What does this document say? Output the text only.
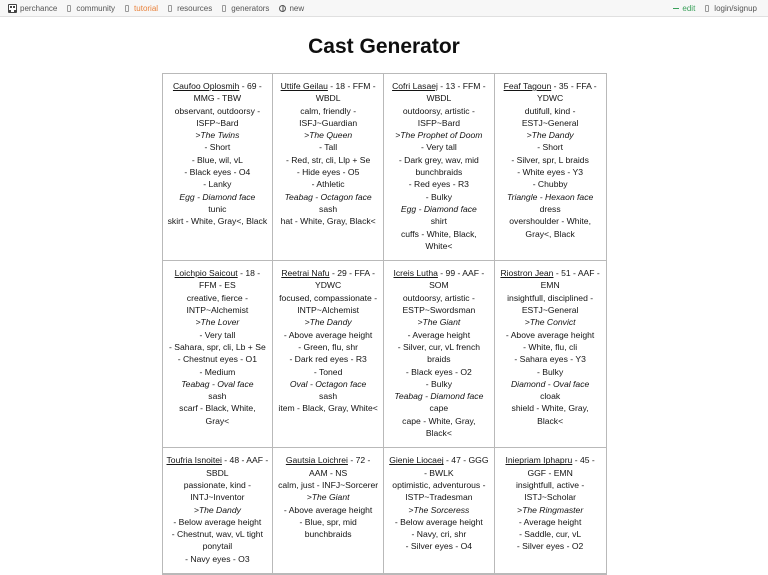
perchance community tutorial resources generators	new	edit login/signup
Cast Generator
Caufoo Oplosmih - 69 - MMG - TBW
observant, outdoorsy - ISFP~Bard
>The Twins
- Short
- Blue, wil, vL
- Black eyes - O4
- Lanky
Egg - Diamond face
tunic
skirt - White, Gray<, Black
Uttife Geilau - 18 - FFM - WBDL
calm, friendly - ISFJ~Guardian
>The Queen
- Tall
- Red, str, cli, Llp + Se
- Hide eyes - O5
- Athletic
Teabag - Octagon face
sash
hat - White, Gray, Black<
Cofri Lasaej - 13 - FFM - WBDL
outdoorsy, artistic - ISFP~Bard
>The Prophet of Doom
- Very tall
- Dark grey, wav, mid bunchbraids
- Red eyes - R3
- Bulky
Egg - Diamond face
shirt
cuffs - White, Black, White<
Feaf Tagoun - 35 - FFA - YDWC
dutifull, kind - ESTJ~General
>The Dandy
- Short
- Silver, spr, L braids
- White eyes - Y3
- Chubby
Triangle - Hexaon face
dress
overshoulder - White, Gray<, Black
Loichpio Saicout - 18 - FFM - ES
creative, fierce - INTP~Alchemist
>The Lover
- Very tall
- Sahara, spr, cli, Lb + Se
- Chestnut eyes - O1
- Medium
Teabag - Oval face
sash
scarf - Black, White, Gray<
Reetrai Nafu - 29 - FFA - YDWC
focused, compassionate - INTP~Alchemist
>The Dandy
- Above average height
- Green, flu, shr
- Dark red eyes - R3
- Toned
Oval - Octagon face
sash
item - Black, Gray, White<
Icreis Lutha - 99 - AAF - SOM
outdoorsy, artistic - ESTP~Swordsman
>The Giant
- Average height
- Silver, cur, vL french braids
- Black eyes - O2
- Bulky
Teabag - Diamond face
cape
cape - White, Gray, Black<
Riostron Jean - 51 - AAF - EMN
insightfull, disciplined - ESTJ~General
>The Convict
- Above average height
- White, flu, cli
- Sahara eyes - Y3
- Bulky
Diamond - Oval face
cloak
shield - White, Gray, Black<
Toufria Isnoitei - 48 - AAF - SBDL
passionate, kind - INTJ~Inventor
>The Dandy
- Below average height
- Chestnut, wav, vL tight ponytail
- Navy eyes - O3
Gautsia Loichrei - 72 - AAM - NS
calm, just - INFJ~Sorcerer
>The Giant
- Above average height
- Blue, spr, mid bunchbraids
Gienie Liocaej - 47 - GGG - BWLK
optimistic, adventurous - ISTP~Tradesman
>The Sorceress
- Below average height
- Navy, cri, shr
- Silver eyes - O4
Iniepriam Iphapru - 45 - GGF - EMN
insightfull, active - ISTJ~Scholar
>The Ringmaster
- Average height
- Saddle, cur, vL
- Silver eyes - O2
